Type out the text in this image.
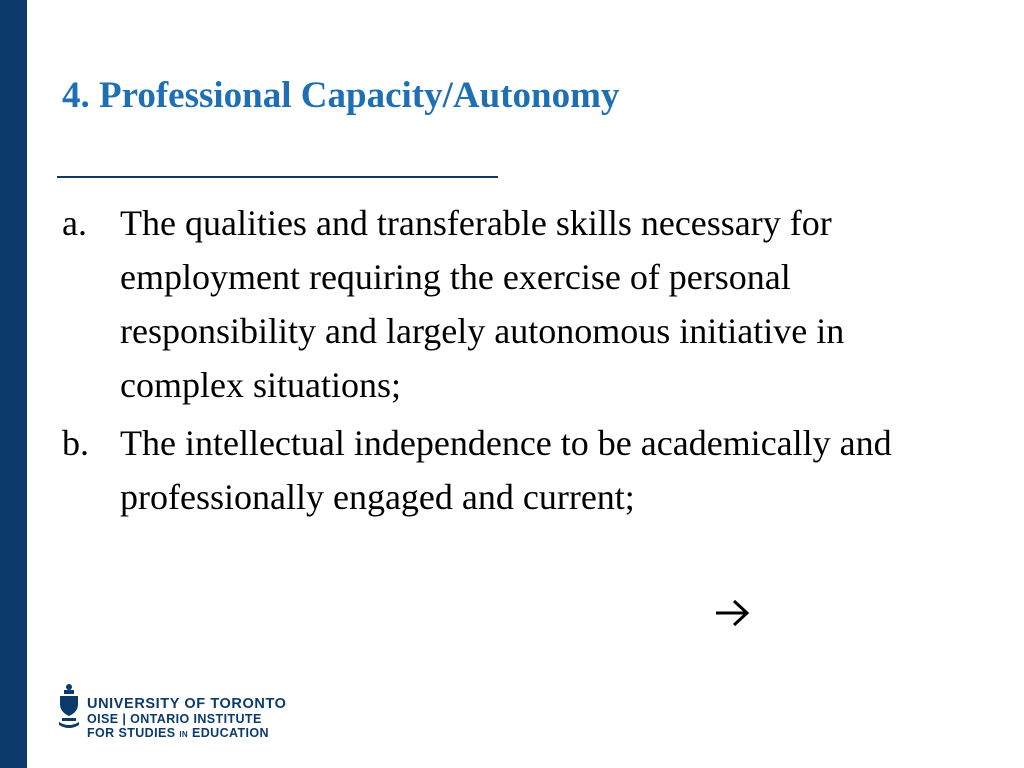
4. Professional Capacity/Autonomy
a. The qualities and transferable skills necessary for employment requiring the exercise of personal responsibility and largely autonomous initiative in complex situations;
b. The intellectual independence to be academically and professionally engaged and current;
UNIVERSITY OF TORONTO
OISE | ONTARIO INSTITUTE
FOR STUDIES IN EDUCATION
